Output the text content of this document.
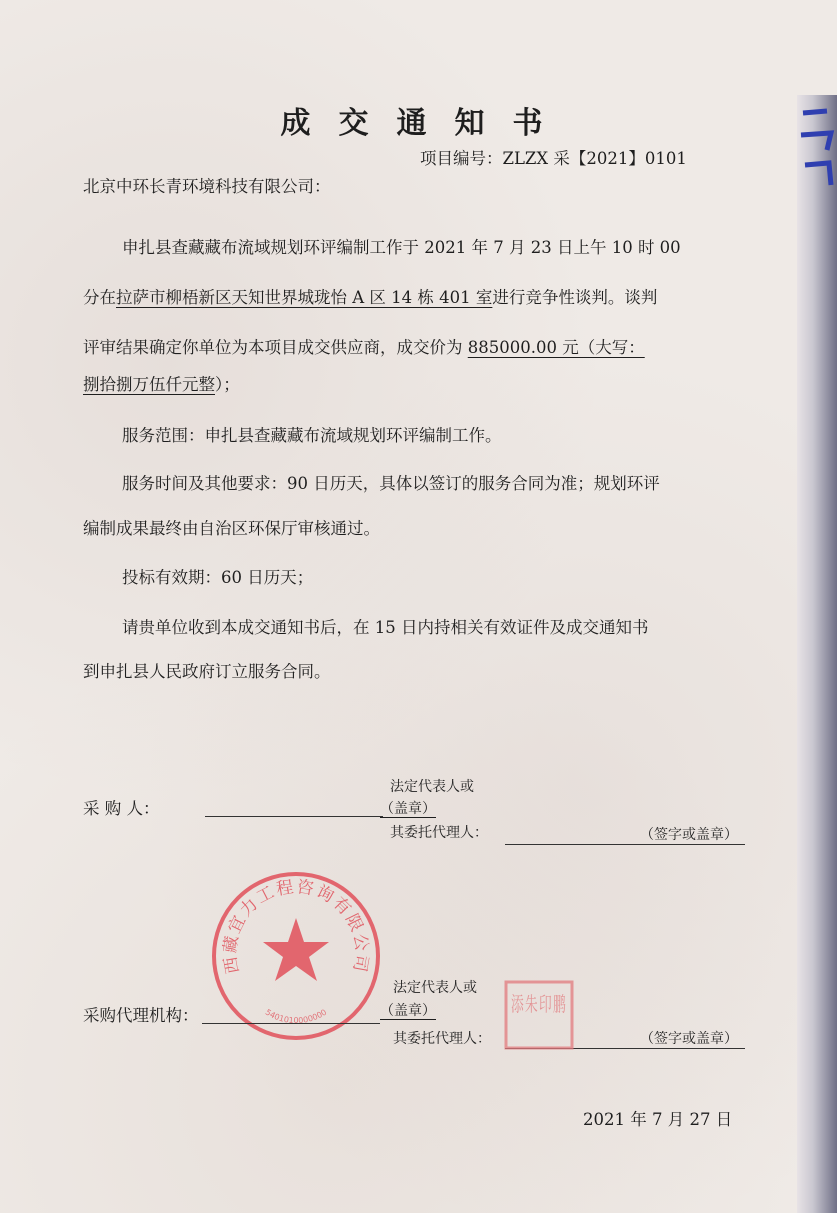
成交通知书
项目编号：ZLZX 采【2021】0101
北京中环长青环境科技有限公司：
申扎县查藏藏布流域规划环评编制工作于 2021 年 7 月 23 日上午 10 时 00
分在拉萨市柳梧新区天知世界城珑怡 A 区 14 栋 401 室进行竞争性谈判。谈判
评审结果确定你单位为本项目成交供应商，成交价为 885000.00 元（大写：
捌拾捌万伍仟元整）；
服务范围：申扎县查藏藏布流域规划环评编制工作。
服务时间及其他要求：90 日历天，具体以签订的服务合同为准；规划环评
编制成果最终由自治区环保厅审核通过。
投标有效期：60 日历天；
请贵单位收到本成交通知书后，在 15 日内持相关有效证件及成交通知书
到申扎县人民政府订立服务合同。
法定代表人或
采 购 人：	（盖章）
其委托代理人：	（签字或盖章）
西藏宜力工程咨询有限公司
5401010000000
法定代表人或
采购代理机构：	（盖章）
其委托代理人：	（签字或盖章）
添朱印鹏
2021 年 7 月 27 日
